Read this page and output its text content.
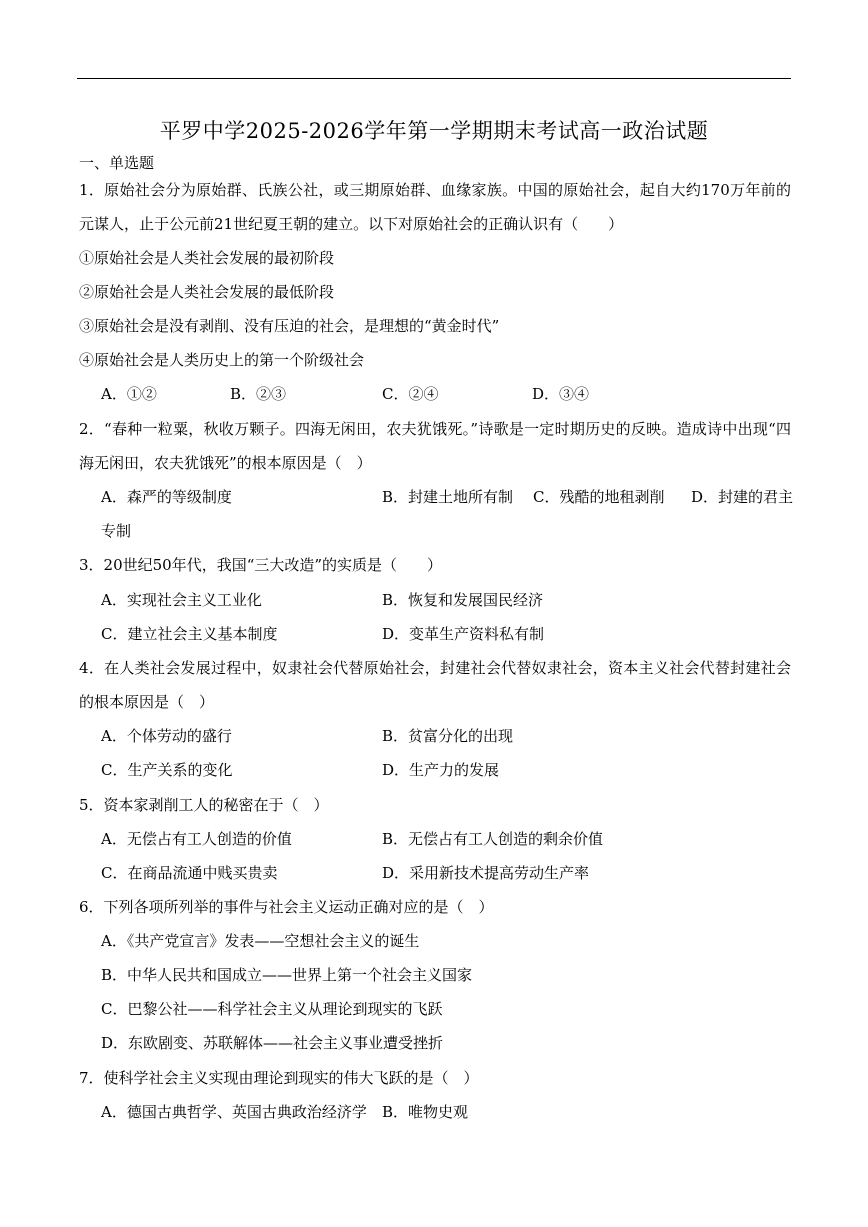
平罗中学2025-2026学年第一学期期末考试高一政治试题
一、单选题
1．原始社会分为原始群、氏族公社，或三期原始群、血缘家族。中国的原始社会，起自大约170万年前的
元谋人，止于公元前21世纪夏王朝的建立。以下对原始社会的正确认识有（　　）
①原始社会是人类社会发展的最初阶段
②原始社会是人类社会发展的最低阶段
③原始社会是没有剥削、没有压迫的社会，是理想的“黄金时代”
④原始社会是人类历史上的第一个阶级社会
A．①②	B．②③	C．②④	D．③④
2．“春种一粒粟，秋收万颗子。四海无闲田，农夫犹饿死。”诗歌是一定时期历史的反映。造成诗中出现“四
海无闲田，农夫犹饿死”的根本原因是（　）
A．森严的等级制度	B．封建土地所有制 C．残酷的地租剥削 D．封建的君主
专制
3．20世纪50年代，我国“三大改造”的实质是（　　）
A．实现社会主义工业化	B．恢复和发展国民经济
C．建立社会主义基本制度	D．变革生产资料私有制
4．在人类社会发展过程中，奴隶社会代替原始社会，封建社会代替奴隶社会，资本主义社会代替封建社会
的根本原因是（　）
A．个体劳动的盛行	B．贫富分化的出现
C．生产关系的变化	D．生产力的发展
5．资本家剥削工人的秘密在于（　）
A．无偿占有工人创造的价值	B．无偿占有工人创造的剩余价值
C．在商品流通中贱买贵卖	D．采用新技术提高劳动生产率
6．下列各项所列举的事件与社会主义运动正确对应的是（　）
A．《共产党宣言》发表——空想社会主义的诞生
B．中华人民共和国成立——世界上第一个社会主义国家
C．巴黎公社——科学社会主义从理论到现实的飞跃
D．东欧剧变、苏联解体——社会主义事业遭受挫折
7．使科学社会主义实现由理论到现实的伟大飞跃的是（　）
A．德国古典哲学、英国古典政治经济学 B．唯物史观
